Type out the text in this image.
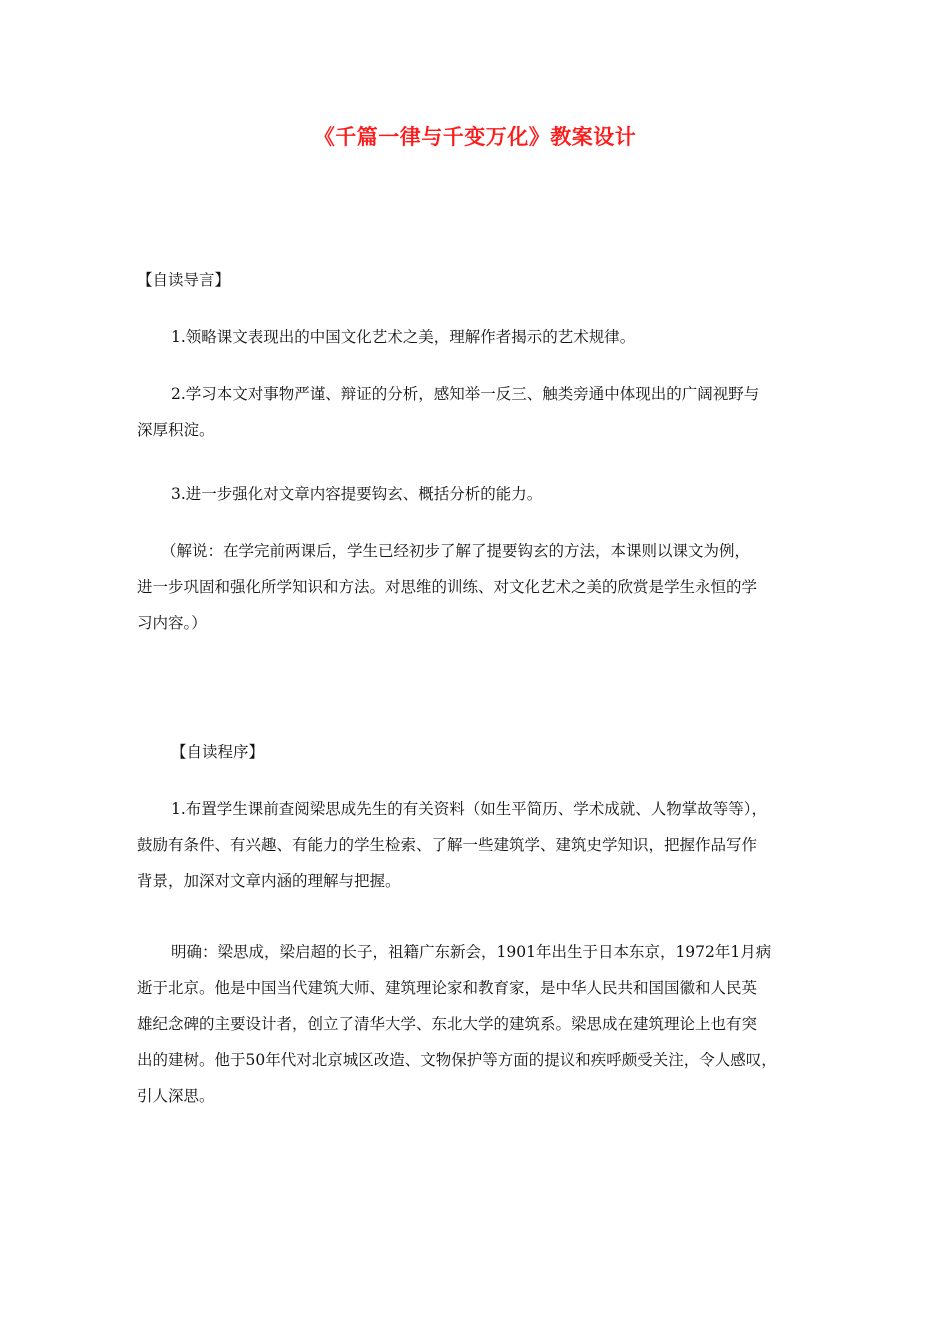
《千篇一律与千变万化》教案设计
【自读导言】
1.领略课文表现出的中国文化艺术之美，理解作者揭示的艺术规律。
2.学习本文对事物严谨、辩证的分析，感知举一反三、触类旁通中体现出的广阔视野与
深厚积淀。
3.进一步强化对文章内容提要钩玄、概括分析的能力。
（解说：在学完前两课后，学生已经初步了解了提要钩玄的方法，本课则以课文为例，
进一步巩固和强化所学知识和方法。对思维的训练、对文化艺术之美的欣赏是学生永恒的学
习内容。）
【自读程序】
1.布置学生课前查阅梁思成先生的有关资料（如生平简历、学术成就、人物掌故等等），
鼓励有条件、有兴趣、有能力的学生检索、了解一些建筑学、建筑史学知识，把握作品写作
背景，加深对文章内涵的理解与把握。
明确：梁思成，梁启超的长子，祖籍广东新会，1901年出生于日本东京，1972年1月病
逝于北京。他是中国当代建筑大师、建筑理论家和教育家，是中华人民共和国国徽和人民英
雄纪念碑的主要设计者，创立了清华大学、东北大学的建筑系。梁思成在建筑理论上也有突
出的建树。他于50年代对北京城区改造、文物保护等方面的提议和疾呼颇受关注，令人感叹，
引人深思。
